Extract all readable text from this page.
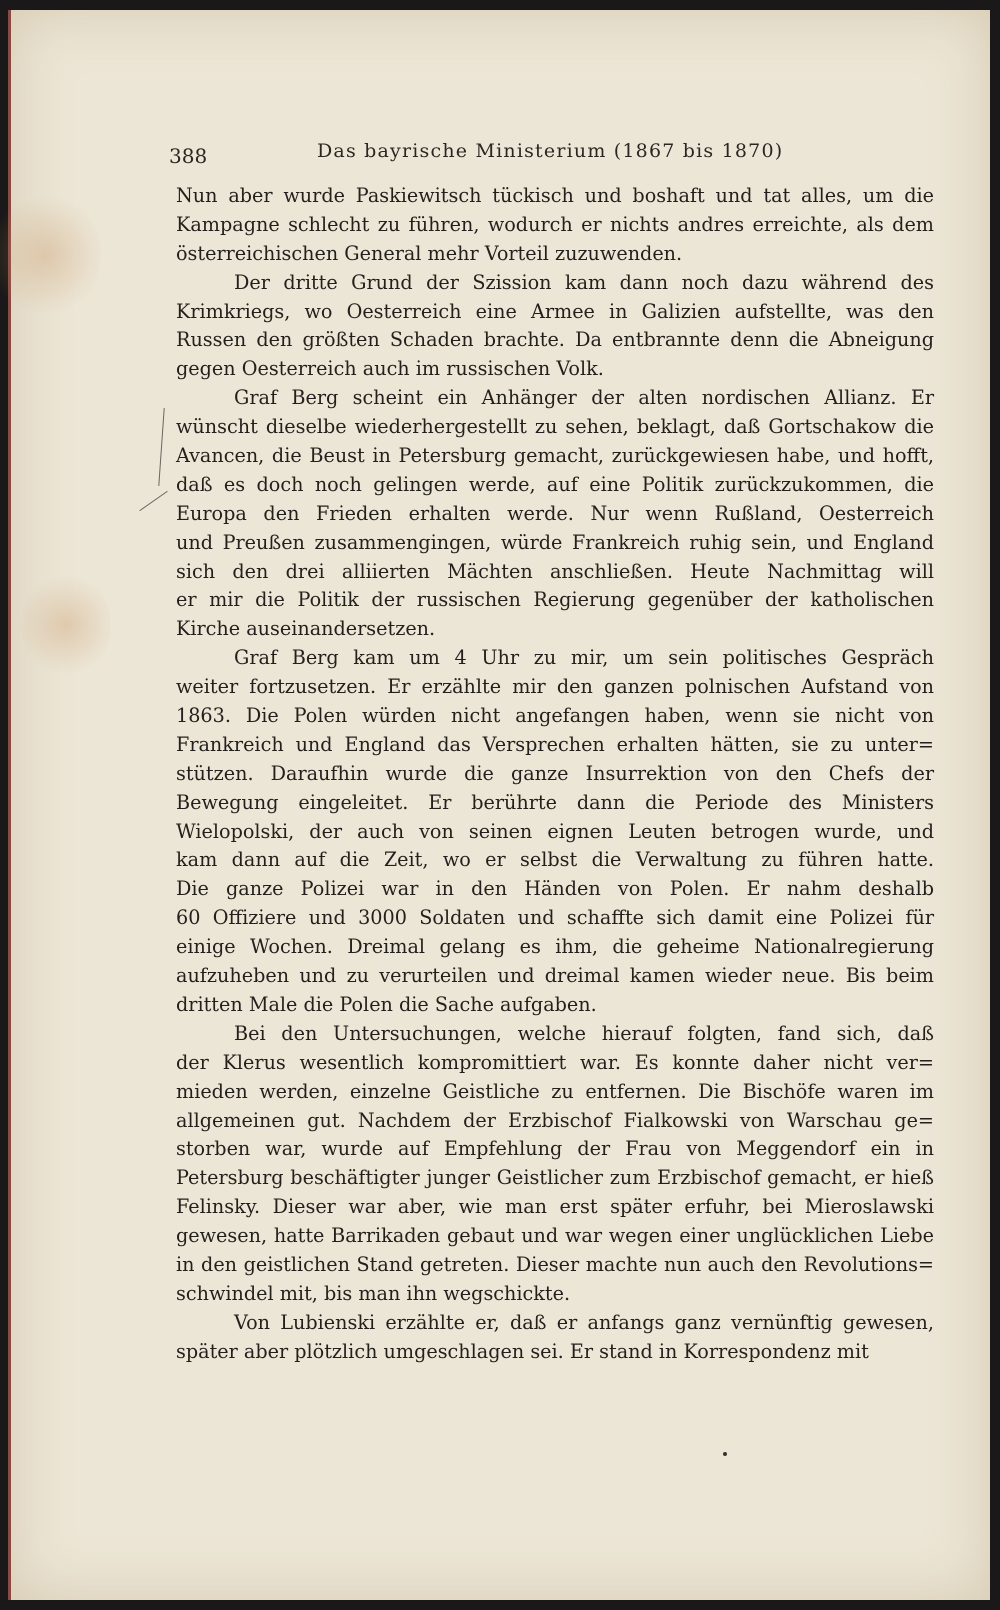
388	Das bayrische Ministerium (1867 bis 1870)
Nun aber wurde Paskiewitsch tückisch und boshaft und tat alles, um die
Kampagne schlecht zu führen, wodurch er nichts andres erreichte, als dem
österreichischen General mehr Vorteil zuzuwenden.
Der dritte Grund der Szission kam dann noch dazu während des
Krimkriegs, wo Oesterreich eine Armee in Galizien aufstellte, was den
Russen den größten Schaden brachte. Da entbrannte denn die Abneigung
gegen Oesterreich auch im russischen Volk.
Graf Berg scheint ein Anhänger der alten nordischen Allianz. Er
wünscht dieselbe wiederhergestellt zu sehen, beklagt, daß Gortschakow die
Avancen, die Beust in Petersburg gemacht, zurückgewiesen habe, und hofft,
daß es doch noch gelingen werde, auf eine Politik zurückzukommen, die
Europa den Frieden erhalten werde. Nur wenn Rußland, Oesterreich
und Preußen zusammengingen, würde Frankreich ruhig sein, und England
sich den drei alliierten Mächten anschließen. Heute Nachmittag will
er mir die Politik der russischen Regierung gegenüber der katholischen
Kirche auseinandersetzen.
Graf Berg kam um 4 Uhr zu mir, um sein politisches Gespräch
weiter fortzusetzen. Er erzählte mir den ganzen polnischen Aufstand von
1863. Die Polen würden nicht angefangen haben, wenn sie nicht von
Frankreich und England das Versprechen erhalten hätten, sie zu unter=
stützen. Daraufhin wurde die ganze Insurrektion von den Chefs der
Bewegung eingeleitet. Er berührte dann die Periode des Ministers
Wielopolski, der auch von seinen eignen Leuten betrogen wurde, und
kam dann auf die Zeit, wo er selbst die Verwaltung zu führen hatte.
Die ganze Polizei war in den Händen von Polen. Er nahm deshalb
60 Offiziere und 3000 Soldaten und schaffte sich damit eine Polizei für
einige Wochen. Dreimal gelang es ihm, die geheime Nationalregierung
aufzuheben und zu verurteilen und dreimal kamen wieder neue. Bis beim
dritten Male die Polen die Sache aufgaben.
Bei den Untersuchungen, welche hierauf folgten, fand sich, daß
der Klerus wesentlich kompromittiert war. Es konnte daher nicht ver=
mieden werden, einzelne Geistliche zu entfernen. Die Bischöfe waren im
allgemeinen gut. Nachdem der Erzbischof Fialkowski von Warschau ge=
storben war, wurde auf Empfehlung der Frau von Meggendorf ein in
Petersburg beschäftigter junger Geistlicher zum Erzbischof gemacht, er hieß
Felinsky. Dieser war aber, wie man erst später erfuhr, bei Mieroslawski
gewesen, hatte Barrikaden gebaut und war wegen einer unglücklichen Liebe
in den geistlichen Stand getreten. Dieser machte nun auch den Revolutions=
schwindel mit, bis man ihn wegschickte.
Von Lubienski erzählte er, daß er anfangs ganz vernünftig gewesen,
später aber plötzlich umgeschlagen sei. Er stand in Korrespondenz mit
